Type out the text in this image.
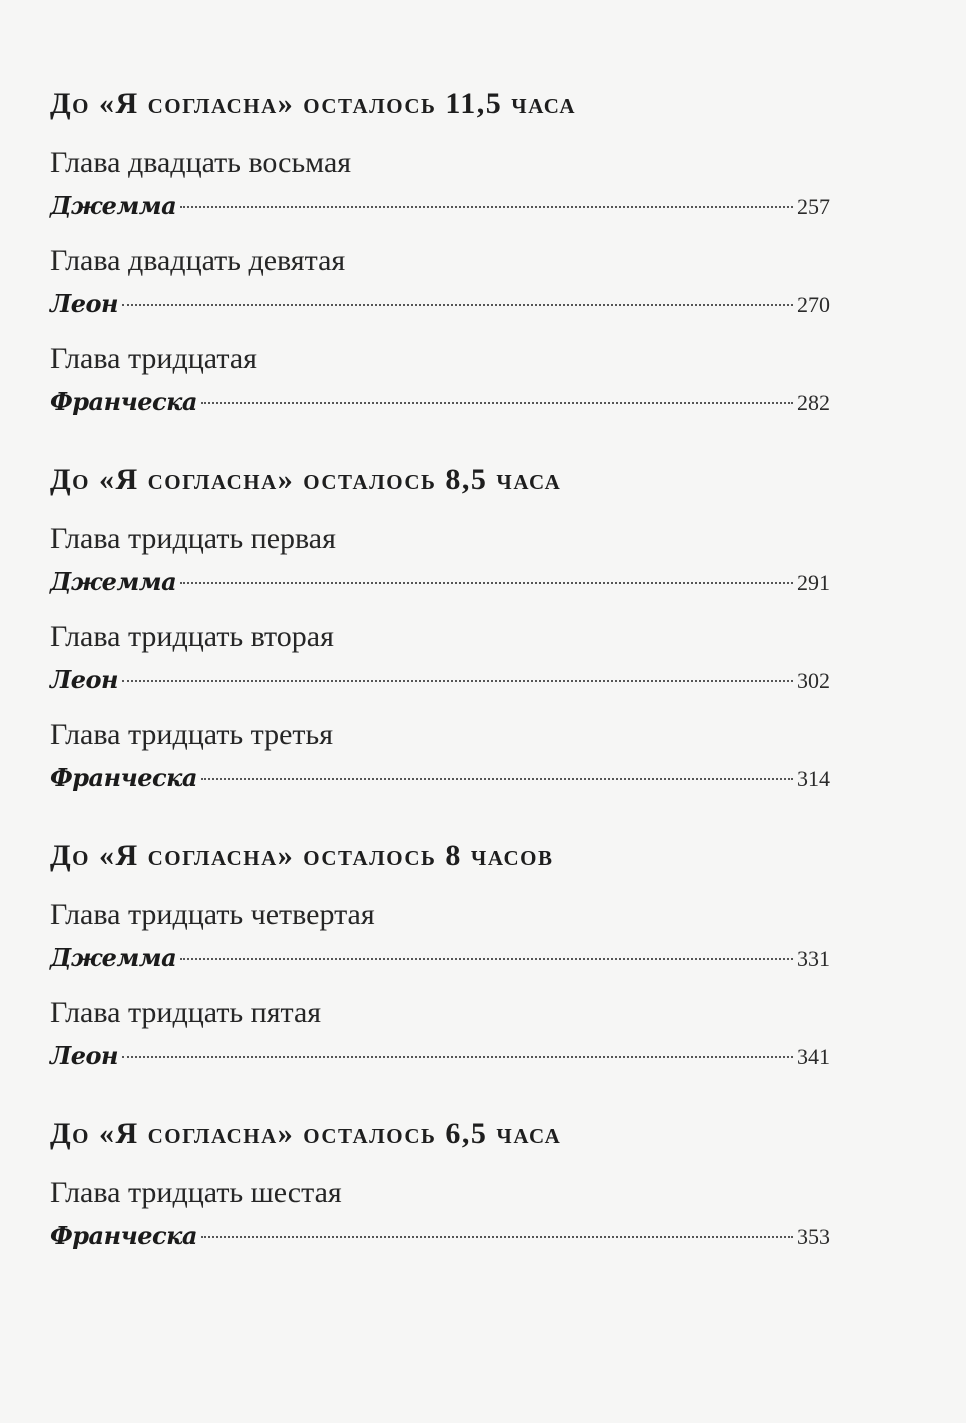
До «Я согласна» осталось 11,5 часа
Глава двадцать восьмая
Джемма	257
Глава двадцать девятая
Леон	270
Глава тридцатая
Франческа	282
До «Я согласна» осталось 8,5 часа
Глава тридцать первая
Джемма	291
Глава тридцать вторая
Леон	302
Глава тридцать третья
Франческа	314
До «Я согласна» осталось 8 часов
Глава тридцать четвертая
Джемма	331
Глава тридцать пятая
Леон	341
До «Я согласна» осталось 6,5 часа
Глава тридцать шестая
Франческа	353
